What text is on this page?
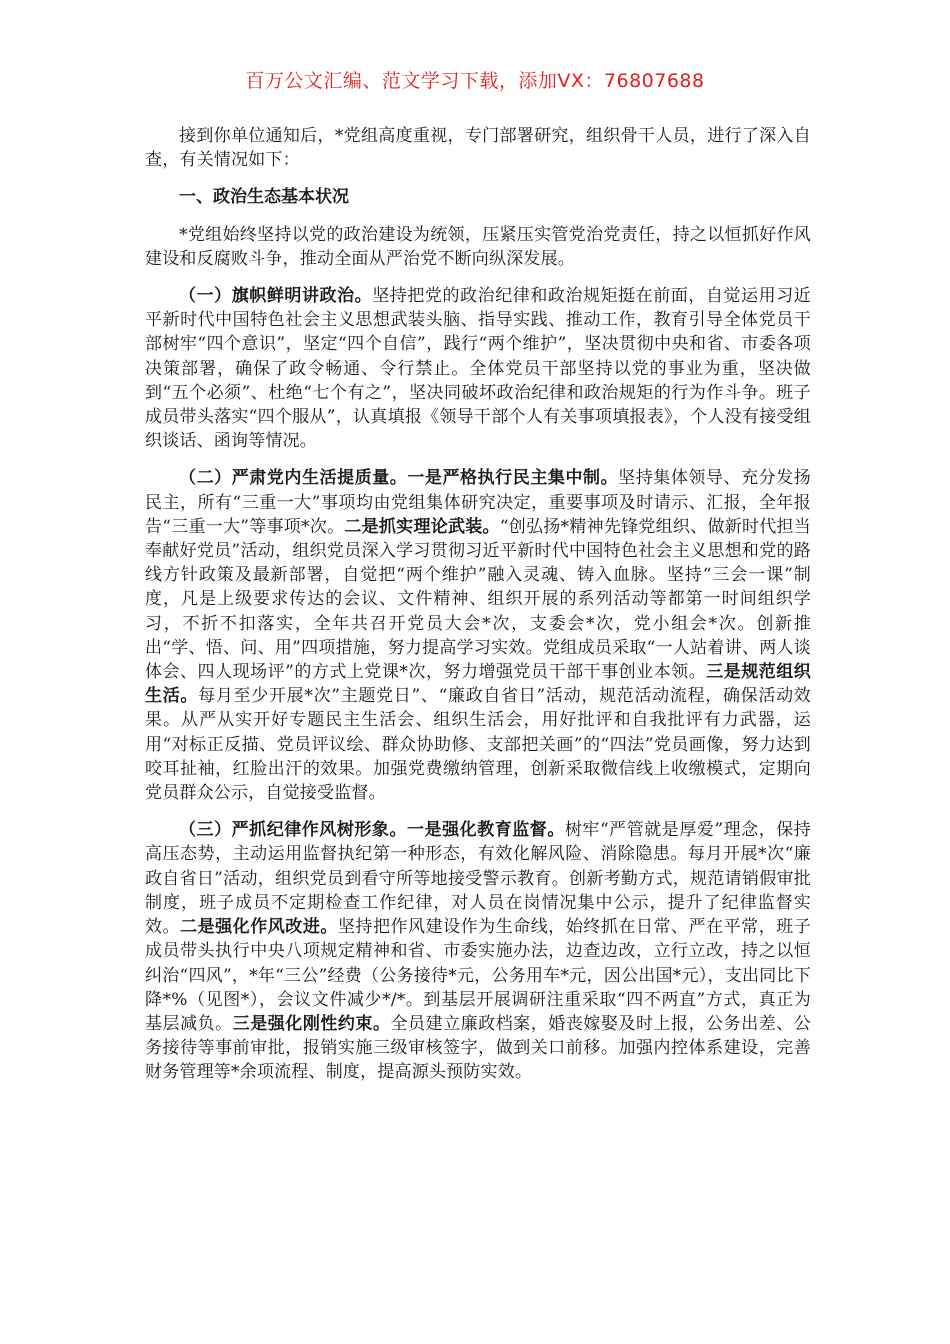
百万公文汇编、范文学习下载，添加VX：76807688

接到你单位通知后，*党组高度重视，专门部署研究，组织骨干人员，进行了深入自查，有关情况如下：

一、政治生态基本状况

*党组始终坚持以党的政治建设为统领，压紧压实管党治党责任，持之以恒抓好作风建设和反腐败斗争，推动全面从严治党不断向纵深发展。

（一）旗帜鲜明讲政治。坚持把党的政治纪律和政治规矩挺在前面，自觉运用习近平新时代中国特色社会主义思想武装头脑、指导实践、推动工作，教育引导全体党员干部树牢“四个意识”，坚定“四个自信”，践行“两个维护”，坚决贯彻中央和省、市委各项决策部署，确保了政令畅通、令行禁止。全体党员干部坚持以党的事业为重，坚决做到“五个必须”、杜绝“七个有之”，坚决同破坏政治纪律和政治规矩的行为作斗争。班子成员带头落实“四个服从”，认真填报《领导干部个人有关事项填报表》，个人没有接受组织谈话、函询等情况。

（二）严肃党内生活提质量。一是严格执行民主集中制。坚持集体领导、充分发扬民主，所有“三重一大”事项均由党组集体研究决定，重要事项及时请示、汇报，全年报告“三重一大”等事项*次。二是抓实理论武装。“创弘扬*精神先锋党组织、做新时代担当奉献好党员”活动，组织党员深入学习贯彻习近平新时代中国特色社会主义思想和党的路线方针政策及最新部署，自觉把“两个维护”融入灵魂、铸入血脉。坚持“三会一课”制度，凡是上级要求传达的会议、文件精神、组织开展的系列活动等都第一时间组织学习，不折不扣落实，全年共召开党员大会*次，支委会*次，党小组会*次。创新推出“学、悟、问、用”四项措施，努力提高学习实效。党组成员采取“一人站着讲、两人谈体会、四人现场评”的方式上党课*次，努力增强党员干部干事创业本领。三是规范组织生活。每月至少开展*次”主题党日”、“廉政自省日”活动，规范活动流程，确保活动效果。从严从实开好专题民主生活会、组织生活会，用好批评和自我批评有力武器，运用“对标正反描、党员评议绘、群众协助修、支部把关画”的“四法”党员画像，努力达到咬耳扯袖，红脸出汗的效果。加强党费缴纳管理，创新采取微信线上收缴模式，定期向党员群众公示，自觉接受监督。

（三）严抓纪律作风树形象。一是强化教育监督。树牢“严管就是厚爱”理念，保持高压态势，主动运用监督执纪第一种形态，有效化解风险、消除隐患。每月开展*次“廉政自省日”活动，组织党员到看守所等地接受警示教育。创新考勤方式，规范请销假审批制度，班子成员不定期检查工作纪律，对人员在岗情况集中公示，提升了纪律监督实效。二是强化作风改进。坚持把作风建设作为生命线，始终抓在日常、严在平常，班子成员带头执行中央八项规定精神和省、市委实施办法，边查边改，立行立改，持之以恒纠治“四风”，*年“三公”经费（公务接待*元，公务用车*元，因公出国*元），支出同比下降*%（见图*），会议文件减少*/*。到基层开展调研注重采取“四不两直”方式，真正为基层减负。三是强化刚性约束。全员建立廉政档案，婚丧嫁娶及时上报，公务出差、公务接待等事前审批，报销实施三级审核签字，做到关口前移。加强内控体系建设，完善财务管理等*余项流程、制度，提高源头预防实效。
